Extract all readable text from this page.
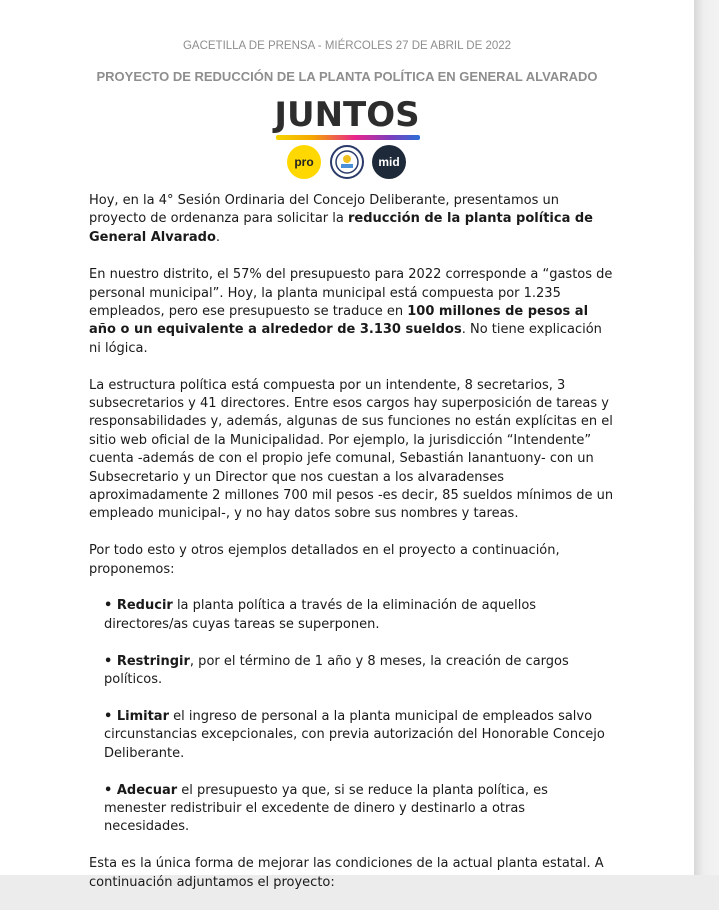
GACETILLA DE PRENSA - MIÉRCOLES 27 DE ABRIL DE 2022
PROYECTO DE REDUCCIÓN DE LA PLANTA POLÍTICA EN GENERAL ALVARADO
JUNTOS
pro	mid

Hoy, en la 4° Sesión Ordinaria del Concejo Deliberante, presentamos un proyecto de ordenanza para solicitar la reducción de la planta política de General Alvarado.

En nuestro distrito, el 57% del presupuesto para 2022 corresponde a “gastos de personal municipal”. Hoy, la planta municipal está compuesta por 1.235 empleados, pero ese presupuesto se traduce en 100 millones de pesos al año o un equivalente a alrededor de 3.130 sueldos. No tiene explicación ni lógica.

La estructura política está compuesta por un intendente, 8 secretarios, 3 subsecretarios y 41 directores. Entre esos cargos hay superposición de tareas y responsabilidades y, además, algunas de sus funciones no están explícitas en el sitio web oficial de la Municipalidad. Por ejemplo, la jurisdicción “Intendente” cuenta -además de con el propio jefe comunal, Sebastián Ianantuony- con un Subsecretario y un Director que nos cuestan a los alvaradenses aproximadamente 2 millones 700 mil pesos -es decir, 85 sueldos mínimos de un empleado municipal-, y no hay datos sobre sus nombres y tareas.

Por todo esto y otros ejemplos detallados en el proyecto a continuación, proponemos:

• Reducir la planta política a través de la eliminación de aquellos directores/as cuyas tareas se superponen.
• Restringir, por el término de 1 año y 8 meses, la creación de cargos políticos.
• Limitar el ingreso de personal a la planta municipal de empleados salvo circunstancias excepcionales, con previa autorización del Honorable Concejo Deliberante.
• Adecuar el presupuesto ya que, si se reduce la planta política, es menester redistribuir el excedente de dinero y destinarlo a otras necesidades.

Esta es la única forma de mejorar las condiciones de la actual planta estatal. A continuación adjuntamos el proyecto:
